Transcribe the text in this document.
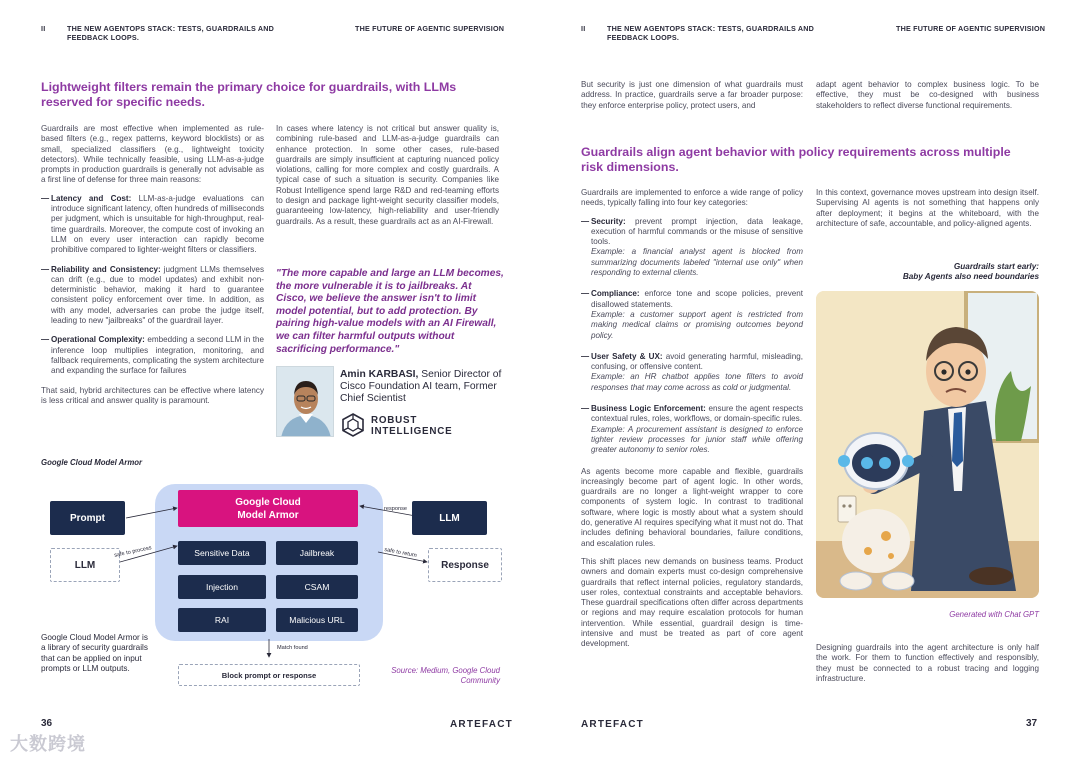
II	THE NEW AGENTOPS STACK: TESTS, GUARDRAILS AND FEEDBACK LOOPS.
THE FUTURE OF AGENTIC SUPERVISION
Lightweight filters remain the primary choice for guardrails, with LLMs reserved for specific needs.

Guardrails are most effective when implemented as rule-based filters (e.g., regex patterns, keyword blocklists) or as small, specialized classifiers (e.g., lightweight toxicity detectors). While technically feasible, using LLM-as-a-judge prompts in production guardrails is generally not advisable as a first line of defense for three main reasons:

— Latency and Cost: LLM-as-a-judge evaluations can introduce significant latency, often hundreds of milliseconds per judgment, which is unsuitable for high-throughput, real-time guardrails. Moreover, the compute cost of invoking an LLM on every user interaction can rapidly become prohibitive compared to lighter-weight filters or classifiers.
— Reliability and Consistency: judgment LLMs themselves can drift (e.g., due to model updates) and exhibit non-deterministic behavior, making it hard to guarantee consistent policy enforcement over time. In addition, as with any model, adversaries can probe the judge itself, leading to new "jailbreaks" of the guardrail layer.
— Operational Complexity: embedding a second LLM in the inference loop multiplies integration, monitoring, and fallback requirements, complicating the system architecture and expanding the surface for failures

That said, hybrid architectures can be effective where latency is less critical and answer quality is paramount.

In cases where latency is not critical but answer quality is, combining rule-based and LLM-as-a-judge guardrails can enhance protection. In some other cases, rule-based guardrails are simply insufficient at capturing nuanced policy violations, calling for more complex and costly guardrails. A typical case of such a situation is security. Companies like Robust Intelligence spend large R&D and red-teaming efforts to design and package light-weight security classifier models, guaranteeing low-latency, high-reliability and user-friendly guardrails. As a result, these guardrails act as an AI-Firewall.

"The more capable and large an LLM becomes, the more vulnerable it is to jailbreaks. At Cisco, we believe the answer isn't to limit model potential, but to add protection. By pairing high-value models with an AI Firewall, we can filter harmful outputs without sacrificing performance."
Amin KARBASI, Senior Director of Cisco Foundation AI team, Former Chief Scientist
ROBUST
INTELLIGENCE
Google Cloud Model Armor
Google Cloud
Model Armor
Prompt	LLM
LLM	Response
Sensitive Data	Jailbreak
Injection	CSAM
RAI	Malicious URL
response
safe to process	safe to return
Match found
Block prompt or response
Google Cloud Model Armor is a library of security guardrails that can be applied on input prompts or LLM outputs.	Source: Medium, Google Cloud Community
36	ARTEFACT
II	THE NEW AGENTOPS STACK: TESTS, GUARDRAILS AND FEEDBACK LOOPS.
THE FUTURE OF AGENTIC SUPERVISION
But security is just one dimension of what guardrails must address. In practice, guardrails serve a far broader purpose: they enforce enterprise policy, protect users, and
adapt agent behavior to complex business logic. To be effective, they must be co-designed with business stakeholders to reflect diverse functional requirements.
Guardrails align agent behavior with policy requirements across multiple risk dimensions.

Guardrails are implemented to enforce a wide range of policy needs, typically falling into four key categories:

— Security: prevent prompt injection, data leakage, execution of harmful commands or the misuse of sensitive tools.
Example: a financial analyst agent is blocked from summarizing documents labeled "internal use only" when responding to external clients.
— Compliance: enforce tone and scope policies, prevent disallowed statements.
Example: a customer support agent is restricted from making medical claims or promising outcomes beyond policy.
— User Safety & UX: avoid generating harmful, misleading, confusing, or offensive content.
Example: an HR chatbot applies tone filters to avoid responses that may come across as cold or judgmental.
— Business Logic Enforcement: ensure the agent respects contextual rules, roles, workflows, or domain-specific rules.
Example: A procurement assistant is designed to enforce tighter review processes for junior staff while offering greater autonomy to senior roles.

As agents become more capable and flexible, guardrails increasingly become part of agent logic. In other words, guardrails are no longer a light-weight wrapper to core components of system logic. In contrast to traditional software, where logic is mostly about what a system should do, generative AI requires specifying what it must not do. That includes defining behavioral boundaries, failure conditions, and escalation rules.

This shift places new demands on business teams. Product owners and domain experts must co-design comprehensive guardrails that reflect internal policies, regulatory standards, user roles, contextual constraints and acceptable behaviors. These guardrail specifications often differ across departments or regions and may require escalation protocols for human intervention. While essential, guardrail design is time-intensive and must be treated as part of core agent development.

In this context, governance moves upstream into design itself. Supervising AI agents is not something that happens only after deployment; it begins at the whiteboard, with the architecture of safe, accountable, and policy-aligned agents.
Guardrails start early:
Baby Agents also need boundaries
Generated with Chat GPT
Designing guardrails into the agent architecture is only half the work. For them to function effectively and responsibly, they must be connected to a robust tracing and logging infrastructure.
ARTEFACT	37
大数跨境
